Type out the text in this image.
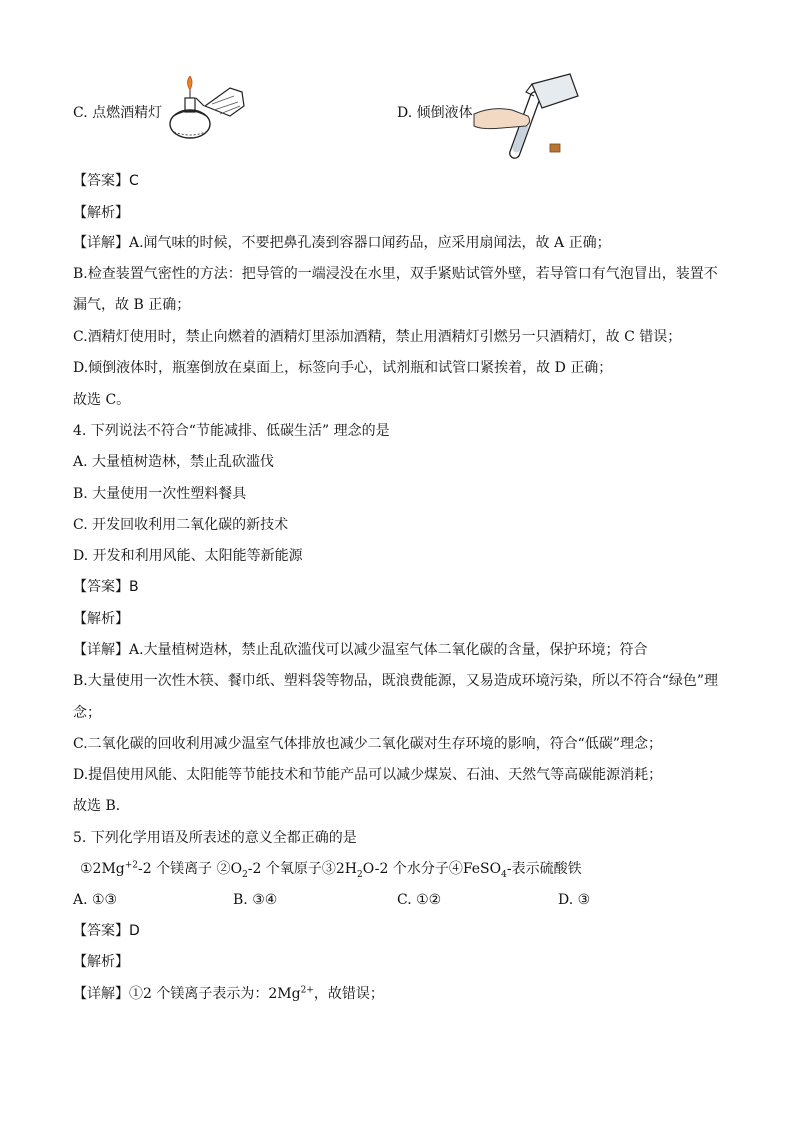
C. 点燃酒精灯	D. 倾倒液体
【答案】C
【解析】
【详解】A.闻气味的时候，不要把鼻孔凑到容器口闻药品，应采用扇闻法，故 A 正确；
B.检查装置气密性的方法：把导管的一端浸没在水里，双手紧贴试管外壁，若导管口有气泡冒出，装置不
漏气，故 B 正确；
C.酒精灯使用时，禁止向燃着的酒精灯里添加酒精，禁止用酒精灯引燃另一只酒精灯，故 C 错误；
D.倾倒液体时，瓶塞倒放在桌面上，标签向手心，试剂瓶和试管口紧挨着，故 D 正确；
故选 C。
4. 下列说法不符合“节能减排、低碳生活” 理念的是
A. 大量植树造林，禁止乱砍滥伐
B. 大量使用一次性塑料餐具
C. 开发回收利用二氧化碳的新技术
D. 开发和利用风能、太阳能等新能源
【答案】B
【解析】
【详解】A.大量植树造林，禁止乱砍滥伐可以减少温室气体二氧化碳的含量，保护环境；符合
B.大量使用一次性木筷、餐巾纸、塑料袋等物品，既浪费能源，又易造成环境污染，所以不符合“绿色”理
念；
C.二氧化碳的回收利用减少温室气体排放也减少二氧化碳对生存环境的影响，符合“低碳”理念；
D.提倡使用风能、太阳能等节能技术和节能产品可以减少煤炭、石油、天然气等高碳能源消耗；
故选 B．
5. 下列化学用语及所表述的意义全都正确的是
$①2Mg^{+2}-2$ 个镁离子 $②O_2-2$ 个氧原子$③2H_2O-2$ 个水分子④FeSO$_4$-表示硫酸铁
A. ①③	B. ③④	C. ①②	D. ③
【答案】D
【解析】
【详解】①2 个镁离子表示为：$2Mg^{2+}$，故错误；
